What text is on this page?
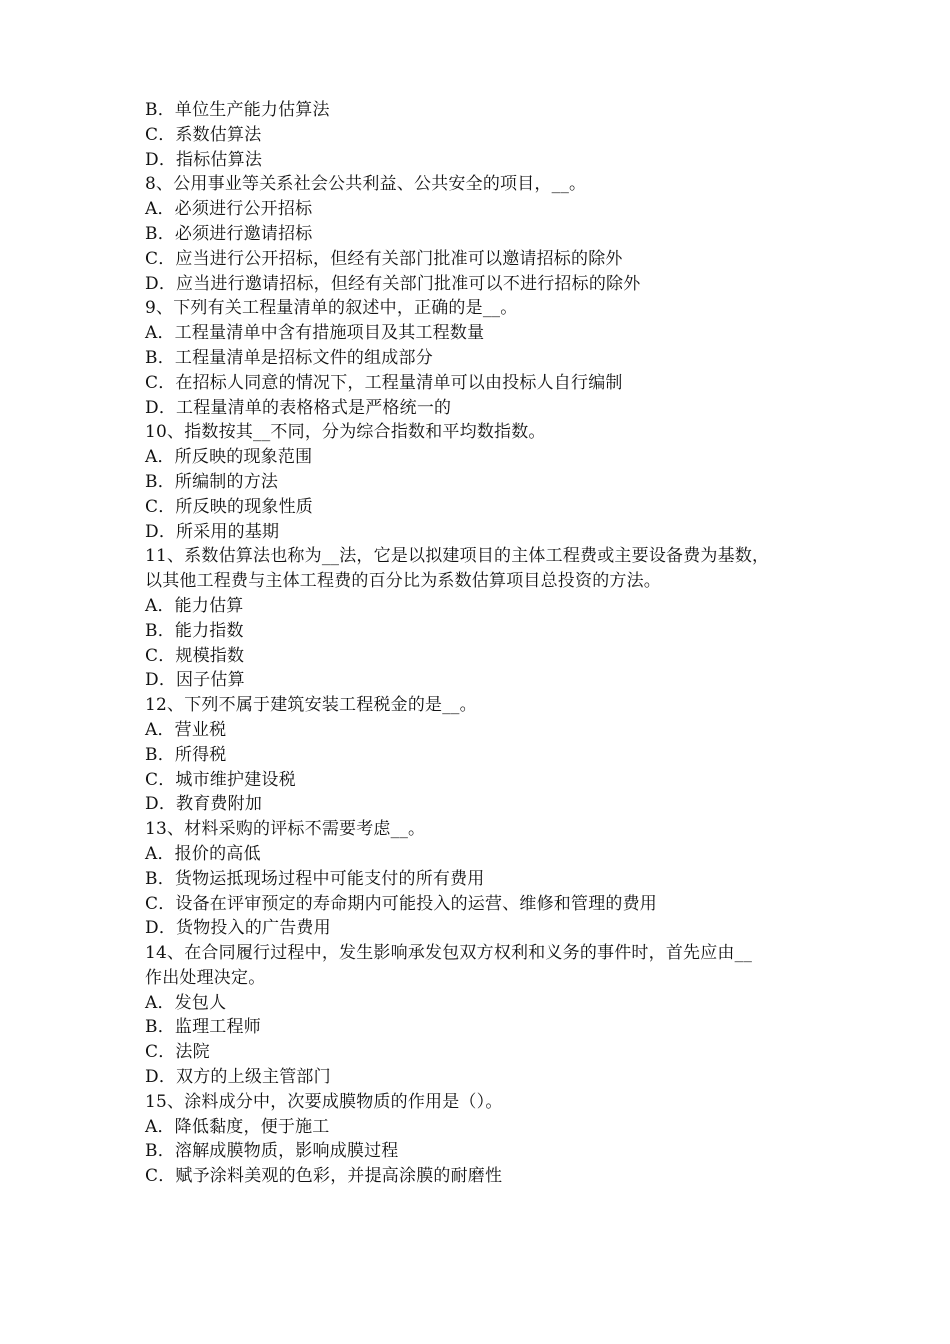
B．单位生产能力估算法
C．系数估算法
D．指标估算法
8、公用事业等关系社会公共利益、公共安全的项目，__。
A．必须进行公开招标
B．必须进行邀请招标
C．应当进行公开招标，但经有关部门批准可以邀请招标的除外
D．应当进行邀请招标，但经有关部门批准可以不进行招标的除外
9、下列有关工程量清单的叙述中，正确的是__。
A．工程量清单中含有措施项目及其工程数量
B．工程量清单是招标文件的组成部分
C．在招标人同意的情况下，工程量清单可以由投标人自行编制
D．工程量清单的表格格式是严格统一的
10、指数按其__不同，分为综合指数和平均数指数。
A．所反映的现象范围
B．所编制的方法
C．所反映的现象性质
D．所采用的基期
11、系数估算法也称为__法，它是以拟建项目的主体工程费或主要设备费为基数，
以其他工程费与主体工程费的百分比为系数估算项目总投资的方法。
A．能力估算
B．能力指数
C．规模指数
D．因子估算
12、下列不属于建筑安装工程税金的是__。
A．营业税
B．所得税
C．城市维护建设税
D．教育费附加
13、材料采购的评标不需要考虑__。
A．报价的高低
B．货物运抵现场过程中可能支付的所有费用
C．设备在评审预定的寿命期内可能投入的运营、维修和管理的费用
D．货物投入的广告费用
14、在合同履行过程中，发生影响承发包双方权利和义务的事件时，首先应由__
作出处理决定。
A．发包人
B．监理工程师
C．法院
D．双方的上级主管部门
15、涂料成分中，次要成膜物质的作用是（）。
A．降低黏度，便于施工
B．溶解成膜物质，影响成膜过程
C．赋予涂料美观的色彩，并提高涂膜的耐磨性
